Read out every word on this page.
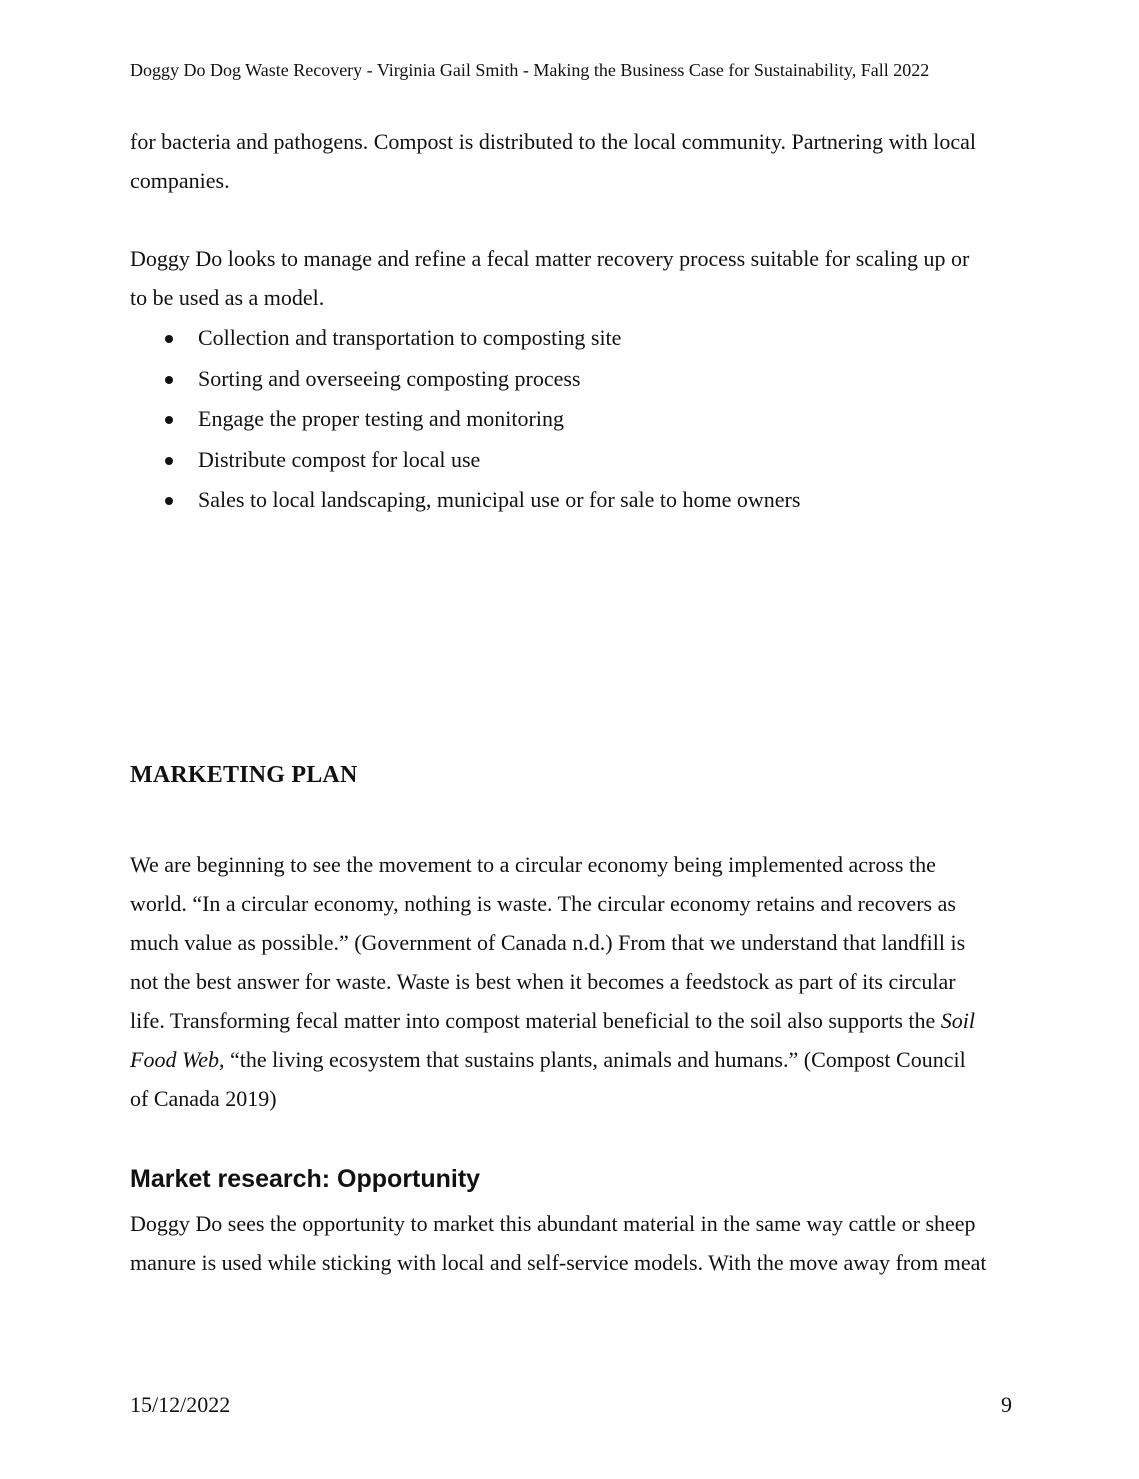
Doggy Do Dog Waste Recovery - Virginia Gail Smith - Making the Business Case for Sustainability, Fall 2022

for bacteria and pathogens. Compost is distributed to the local community. Partnering with local
companies.

Doggy Do looks to manage and refine a fecal matter recovery process suitable for scaling up or
to be used as a model.

Collection and transportation to composting site
Sorting and overseeing composting process
Engage the proper testing and monitoring
Distribute compost for local use
Sales to local landscaping, municipal use or for sale to home owners
MARKETING PLAN

We are beginning to see the movement to a circular economy being implemented across the
world. “In a circular economy, nothing is waste. The circular economy retains and recovers as
much value as possible.” (Government of Canada n.d.) From that we understand that landfill is
not the best answer for waste. Waste is best when it becomes a feedstock as part of its circular
life. Transforming fecal matter into compost material beneficial to the soil also supports the Soil
Food Web, “the living ecosystem that sustains plants, animals and humans.” (Compost Council
of Canada 2019)

Market research: Opportunity

Doggy Do sees the opportunity to market this abundant material in the same way cattle or sheep
manure is used while sticking with local and self-service models. With the move away from meat

15/12/2022	9
